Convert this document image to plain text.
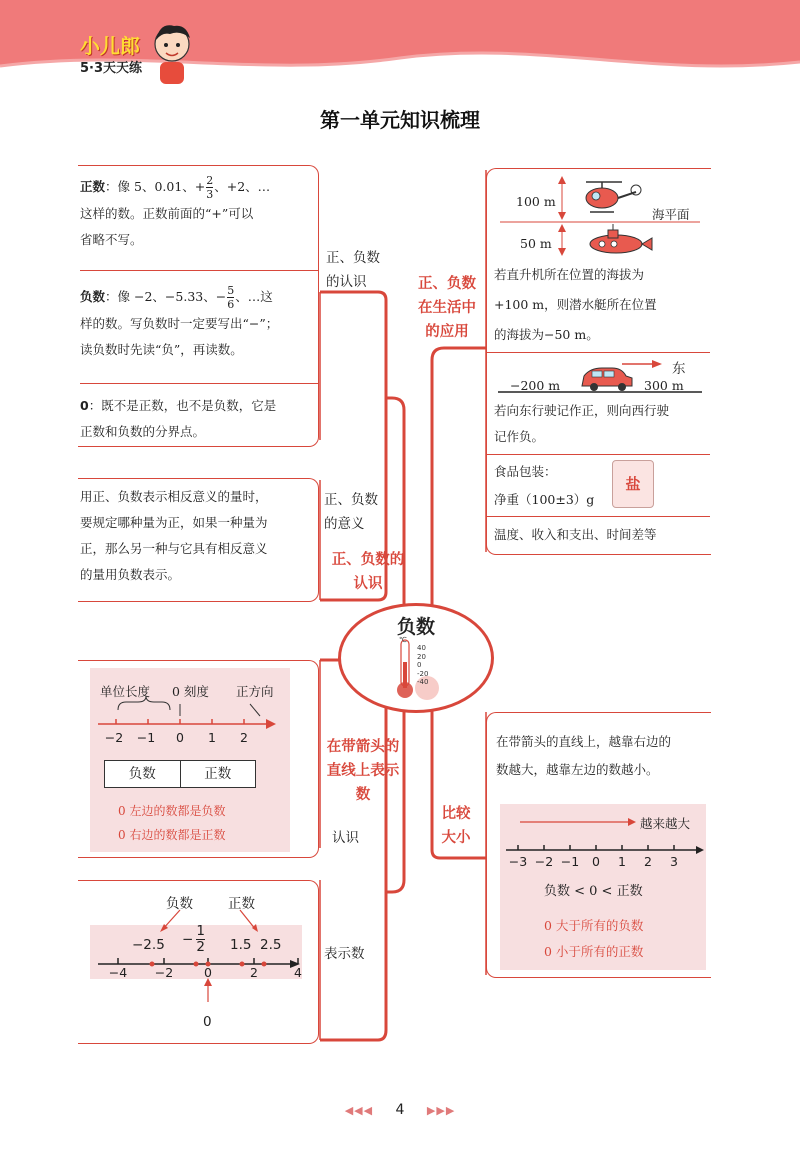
小儿郎
5·3天天练
第一单元知识梳理
负数
℃
40
20
0
-20
-40
正、负数的认识
正、负数在生活中的应用
在带箭头的直线上表示数
比较大小
正、负数的认识
正、负数的意义
认识
表示数
正数：像 5、0.01、+ $\frac{2}{3}$ 、+2、…
这样的数。正数前面的“+”可以
省略不写。
负数：像 −2、−5.33、− $\frac{5}{6}$ 、…这
样的数。写负数时一定要写出“−”；
读负数时先读“负”，再读数。
0：既不是正数，也不是负数，它是
正数和负数的分界点。
用正、负数表示相反意义的量时，
要规定哪种量为正，如果一种量为
正，那么另一种与它具有相反意义
的量用负数表示。
单位长度 0 刻度 正方向
−2 −1 0 1 2
负数	正数
0 左边的数都是负数
0 右边的数都是正数
负数	正数
$-2.5 - \frac{1}{2} 1.5$ 2.5
−4 −2 0	2	4
0
100 m
50 m
海平面
若直升机所在位置的海拔为
+100 m，则潜水艇所在位置
的海拔为−50 m。
东
−200 m	300 m
若向东行驶记作正，则向西行驶
记作负。
食品包装：
净重（100±3）g
盐
温度、收入和支出、时间差等
在带箭头的直线上，越靠右边的
数越大，越靠左边的数越小。
越来越大
−3 −2 −1 0 1 2 3
负数 < 0 < 正数
0 大于所有的负数
0 小于所有的正数
◀◀◀ 4 ▶▶▶
